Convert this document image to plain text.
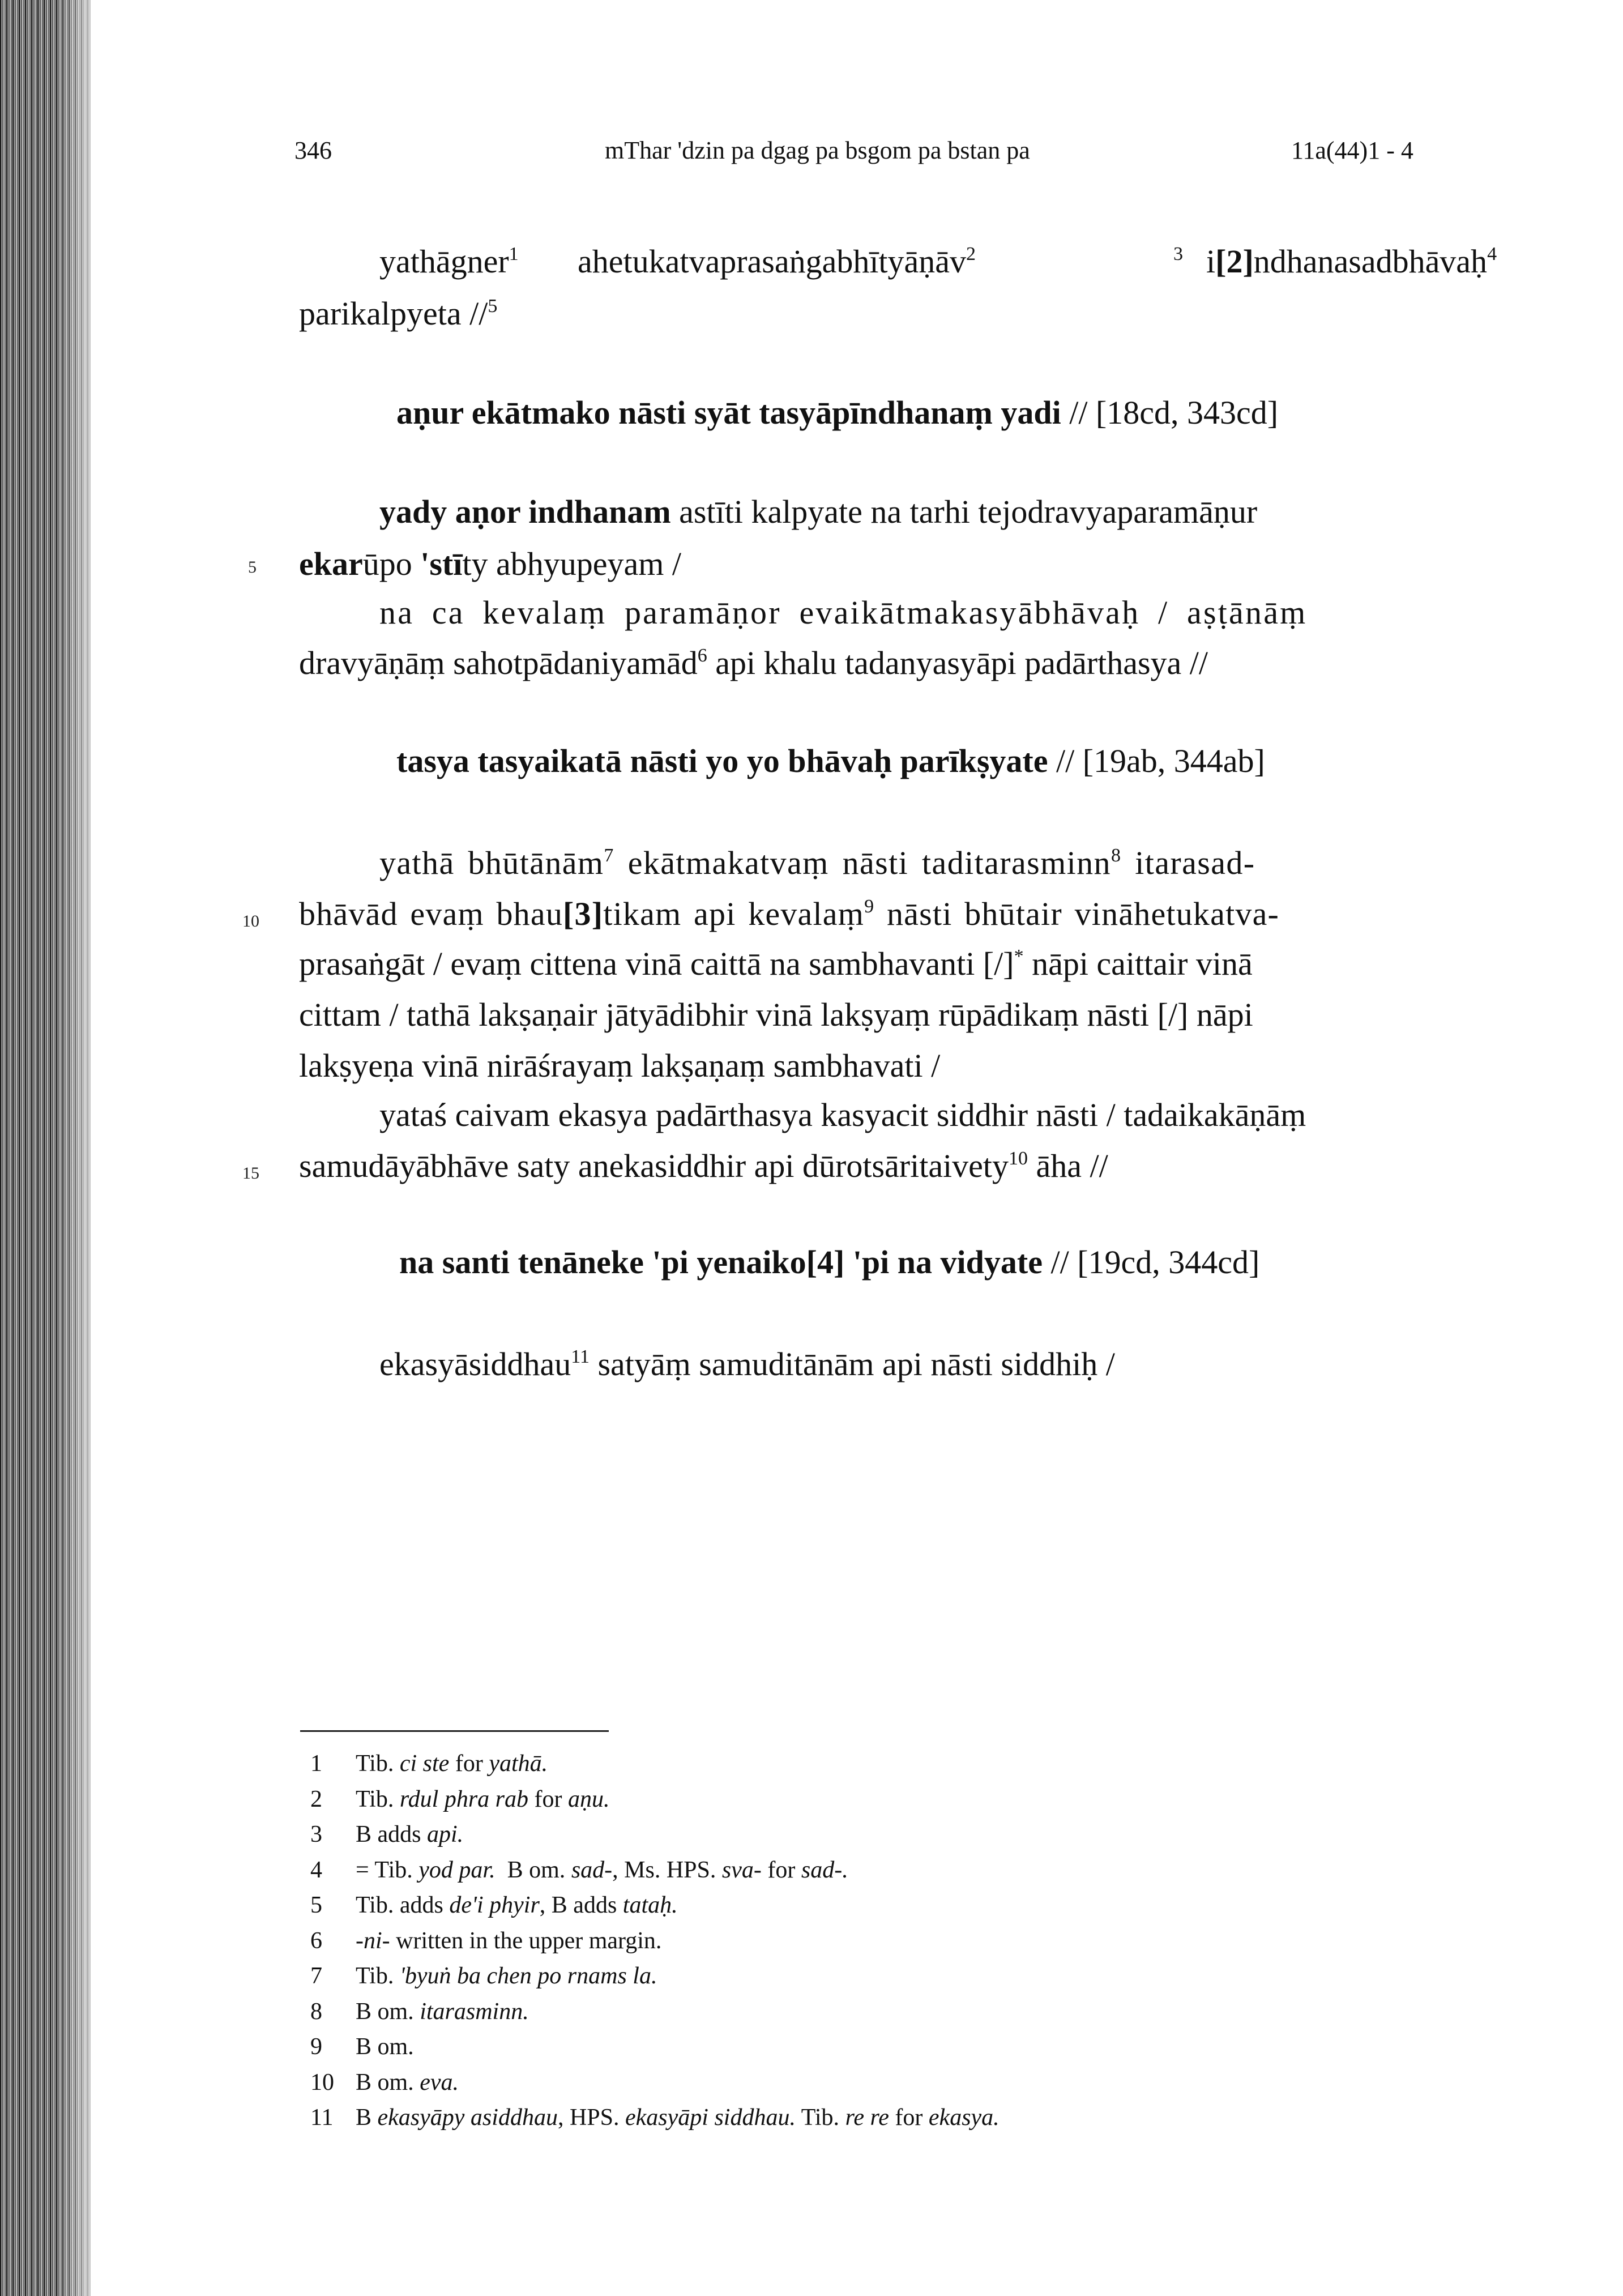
346	mThar 'dzin pa dgag pa bsgom pa bstan pa	11a(44)1 - 4
yathāgner$^1$ ahetukatvaprasaṅgabhītyāṇāv$^2$	$^3$ i[2]ndhanasadbhāvaḥ$^4$
parikalpyeta //$^5$
aṇur ekātmako nāsti syāt tasyāpīndhanaṃ yadi // [18cd, 343cd]
yady aṇor indhanam astīti kalpyate na tarhi tejodravyaparamāṇur
5 ekarūpo 'stīty abhyupeyam /
na ca kevalaṃ paramāṇor evaikātmakasyābhāvaḥ / aṣṭānāṃ
dravyāṇāṃ sahotpādaniyamād$^6$ api khalu tadanyasyāpi padārthasya //
tasya tasyaikatā nāsti yo yo bhāvaḥ parīkṣyate // [19ab, 344ab]
yathā bhūtānām$^7$ ekātmakatvaṃ nāsti taditarasminn$^8$ itarasad-
10 bhāvād evaṃ bhau[3]tikam api kevalaṃ$^9$ nāsti bhūtair vināhetukatva-
prasaṅgāt / evaṃ cittena vinā caittā na sambhavanti [/]* nāpi caittair vinā
cittam / tathā lakṣaṇair jātyādibhir vinā lakṣyaṃ rūpādikaṃ nāsti [/] nāpi
lakṣyeṇa vinā nirāśrayaṃ lakṣaṇaṃ sambhavati /
yataś caivam ekasya padārthasya kasyacit siddhir nāsti / tadaikakāṇāṃ
15 samudāyābhāve saty anekasiddhir api dūrotsāritaivety$^{10}$ āha //
na santi tenāneke 'pi yenaiko[4] 'pi na vidyate // [19cd, 344cd]
ekasyāsiddhau$^{11}$ satyāṃ samuditānām api nāsti siddhiḥ /
1	Tib. ci ste for yathā.
2	Tib. rdul phra rab for aṇu.
3	B adds api.
4	= Tib. yod par.  B om. sad-, Ms. HPS. sva- for sad-.
5	Tib. adds de'i phyir, B adds tataḥ.
6	-ni- written in the upper margin.
7	Tib. 'byuṅ ba chen po rnams la.
8	B om. itarasminn.
9	B om.
10 B om. eva.
11 B ekasyāpy asiddhau, HPS. ekasyāpi siddhau. Tib. re re for ekasya.
